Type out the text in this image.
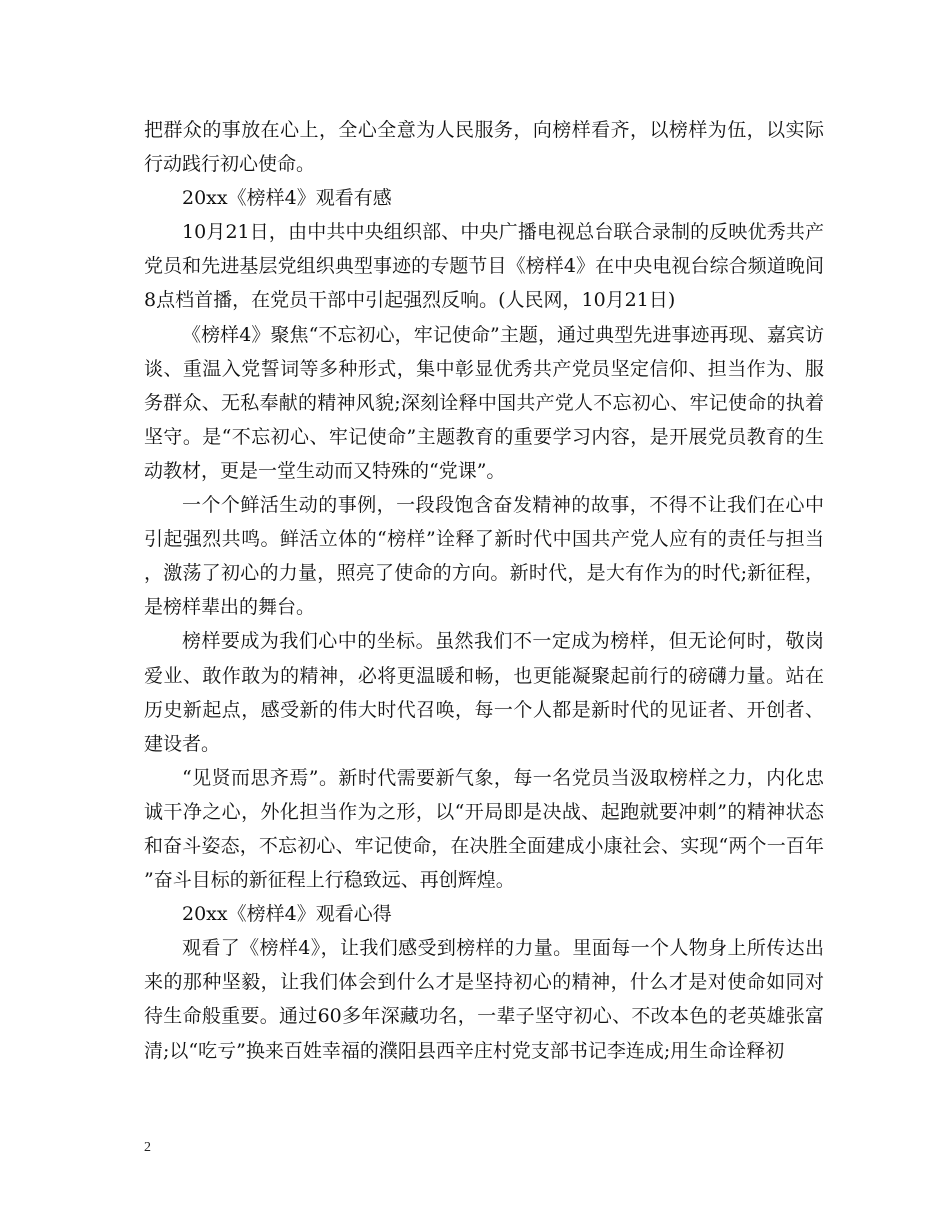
把群众的事放在心上，全心全意为人民服务，向榜样看齐，以榜样为伍，以实际行动践行初心使命。

20xx《榜样4》观看有感

10月21日，由中共中央组织部、中央广播电视总台联合录制的反映优秀共产党员和先进基层党组织典型事迹的专题节目《榜样4》在中央电视台综合频道晚间8点档首播，在党员干部中引起强烈反响。(人民网，10月21日)

《榜样4》聚焦“不忘初心，牢记使命”主题，通过典型先进事迹再现、嘉宾访谈、重温入党誓词等多种形式，集中彰显优秀共产党员坚定信仰、担当作为、服务群众、无私奉献的精神风貌;深刻诠释中国共产党人不忘初心、牢记使命的执着坚守。是“不忘初心、牢记使命”主题教育的重要学习内容，是开展党员教育的生动教材，更是一堂生动而又特殊的“党课”。

一个个鲜活生动的事例，一段段饱含奋发精神的故事，不得不让我们在心中引起强烈共鸣。鲜活立体的“榜样”诠释了新时代中国共产党人应有的责任与担当，激荡了初心的力量，照亮了使命的方向。新时代，是大有作为的时代;新征程，是榜样辈出的舞台。

榜样要成为我们心中的坐标。虽然我们不一定成为榜样，但无论何时，敬岗爱业、敢作敢为的精神，必将更温暖和畅，也更能凝聚起前行的磅礴力量。站在历史新起点，感受新的伟大时代召唤，每一个人都是新时代的见证者、开创者、建设者。

“见贤而思齐焉”。新时代需要新气象，每一名党员当汲取榜样之力，内化忠诚干净之心，外化担当作为之形，以“开局即是决战、起跑就要冲刺”的精神状态和奋斗姿态，不忘初心、牢记使命，在决胜全面建成小康社会、实现“两个一百年”奋斗目标的新征程上行稳致远、再创辉煌。

20xx《榜样4》观看心得

观看了《榜样4》，让我们感受到榜样的力量。里面每一个人物身上所传达出来的那种坚毅，让我们体会到什么才是坚持初心的精神，什么才是对使命如同对待生命般重要。通过60多年深藏功名，一辈子坚守初心、不改本色的老英雄张富清;以“吃亏”换来百姓幸福的濮阳县西辛庄村党支部书记李连成;用生命诠释初

2
